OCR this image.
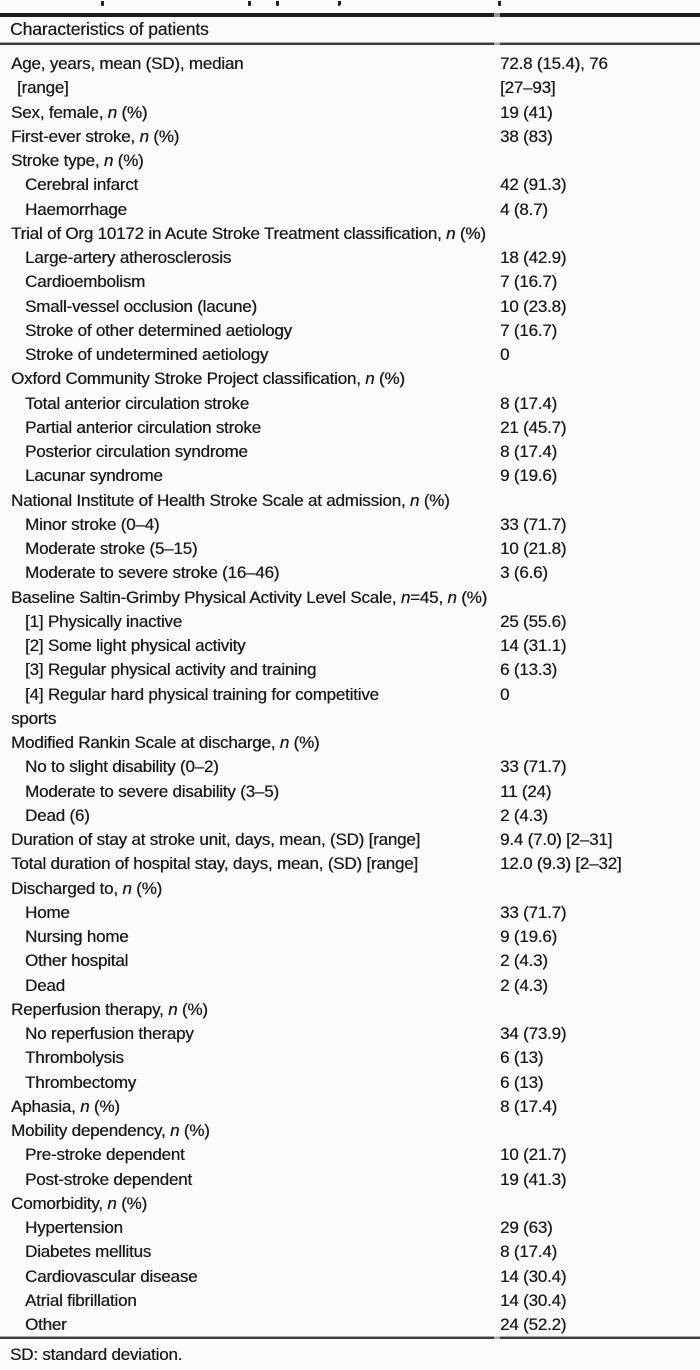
Characteristics of patients
Age, years, mean (SD), median	72.8 (15.4), 76
[range]	[27–93]
Sex, female, n (%)	19 (41)
First-ever stroke, n (%)	38 (83)
Stroke type, n (%)
Cerebral infarct	42 (91.3)
Haemorrhage	4 (8.7)
Trial of Org 10172 in Acute Stroke Treatment classification, n (%)
Large-artery atherosclerosis	18 (42.9)
Cardioembolism	7 (16.7)
Small-vessel occlusion (lacune)	10 (23.8)
Stroke of other determined aetiology	7 (16.7)
Stroke of undetermined aetiology	0
Oxford Community Stroke Project classification, n (%)
Total anterior circulation stroke	8 (17.4)
Partial anterior circulation stroke	21 (45.7)
Posterior circulation syndrome	8 (17.4)
Lacunar syndrome	9 (19.6)
National Institute of Health Stroke Scale at admission, n (%)
Minor stroke (0–4)	33 (71.7)
Moderate stroke (5–15)	10 (21.8)
Moderate to severe stroke (16–46)	3 (6.6)
Baseline Saltin-Grimby Physical Activity Level Scale, n=45, n (%)
[1] Physically inactive	25 (55.6)
[2] Some light physical activity	14 (31.1)
[3] Regular physical activity and training	6 (13.3)
[4] Regular hard physical training for competitive	0
sports
Modified Rankin Scale at discharge, n (%)
No to slight disability (0–2)	33 (71.7)
Moderate to severe disability (3–5)	11 (24)
Dead (6)	2 (4.3)
Duration of stay at stroke unit, days, mean, (SD) [range]	9.4 (7.0) [2–31]
Total duration of hospital stay, days, mean, (SD) [range]	12.0 (9.3) [2–32]
Discharged to, n (%)
Home	33 (71.7)
Nursing home	9 (19.6)
Other hospital	2 (4.3)
Dead	2 (4.3)
Reperfusion therapy, n (%)
No reperfusion therapy	34 (73.9)
Thrombolysis	6 (13)
Thrombectomy	6 (13)
Aphasia, n (%)	8 (17.4)
Mobility dependency, n (%)
Pre-stroke dependent	10 (21.7)
Post-stroke dependent	19 (41.3)
Comorbidity, n (%)
Hypertension	29 (63)
Diabetes mellitus	8 (17.4)
Cardiovascular disease	14 (30.4)
Atrial fibrillation	14 (30.4)
Other	24 (52.2)
SD: standard deviation.
